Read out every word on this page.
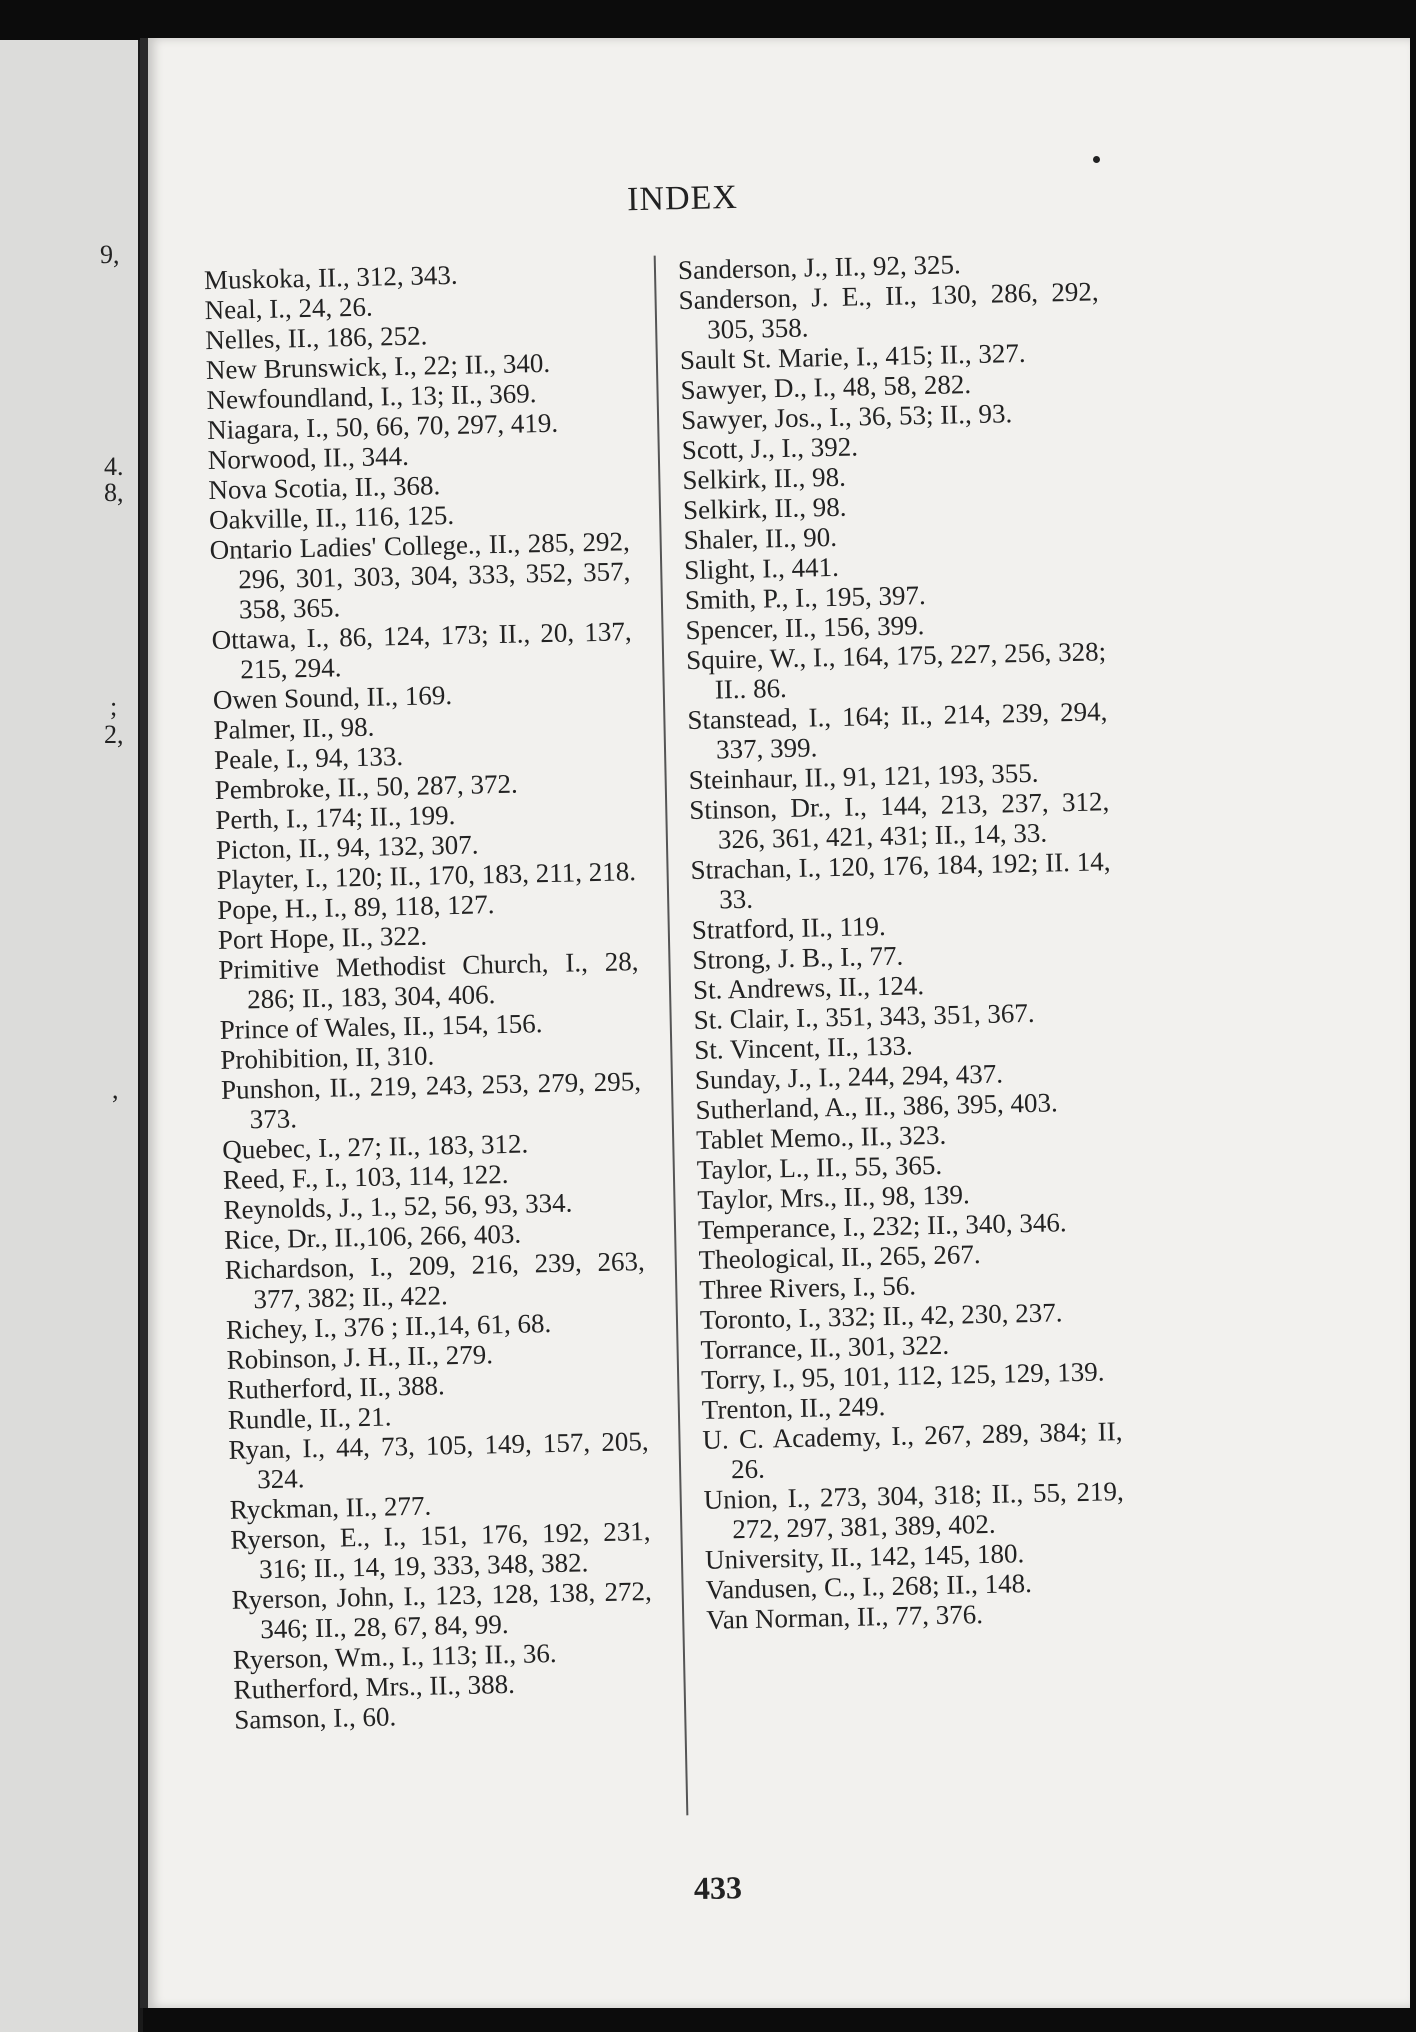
9,
4.
8,
;
2,
,
INDEX

Muskoka, II., 312, 343.

Neal, I., 24, 26.

Nelles, II., 186, 252.

New Brunswick, I., 22; II., 340.

Newfoundland, I., 13; II., 369.

Niagara, I., 50, 66, 70, 297, 419.

Norwood, II., 344.

Nova Scotia, II., 368.

Oakville, II., 116, 125.

Ontario Ladies' College., II., 285, 292, 296, 301, 303, 304, 333, 352, 357, 358, 365.

Ottawa, I., 86, 124, 173; II., 20, 137, 215, 294.

Owen Sound, II., 169.

Palmer, II., 98.

Peale, I., 94, 133.

Pembroke, II., 50, 287, 372.

Perth, I., 174; II., 199.

Picton, II., 94, 132, 307.

Playter, I., 120; II., 170, 183, 211, 218.

Pope, H., I., 89, 118, 127.

Port Hope, II., 322.

Primitive Methodist Church, I., 28, 286; II., 183, 304, 406.

Prince of Wales, II., 154, 156.

Prohibition, II, 310.

Punshon, II., 219, 243, 253, 279, 295, 373.

Quebec, I., 27; II., 183, 312.

Reed, F., I., 103, 114, 122.

Reynolds, J., 1., 52, 56, 93, 334.

Rice, Dr., II.,106, 266, 403.

Richardson, I., 209, 216, 239, 263, 377, 382; II., 422.

Richey, I., 376 ; II.,14, 61, 68.

Robinson, J. H., II., 279.

Rutherford, II., 388.

Rundle, II., 21.

Ryan, I., 44, 73, 105, 149, 157, 205, 324.

Ryckman, II., 277.

Ryerson, E., I., 151, 176, 192, 231, 316; II., 14, 19, 333, 348, 382.

Ryerson, John, I., 123, 128, 138, 272, 346; II., 28, 67, 84, 99.

Ryerson, Wm., I., 113; II., 36.

Rutherford, Mrs., II., 388.

Samson, I., 60.

Sanderson, J., II., 92, 325.

Sanderson, J. E., II., 130, 286, 292, 305, 358.

Sault St. Marie, I., 415; II., 327.

Sawyer, D., I., 48, 58, 282.

Sawyer, Jos., I., 36, 53; II., 93.

Scott, J., I., 392.

Selkirk, II., 98.

Selkirk, II., 98.

Shaler, II., 90.

Slight, I., 441.

Smith, P., I., 195, 397.

Spencer, II., 156, 399.

Squire, W., I., 164, 175, 227, 256, 328; II.. 86.

Stanstead, I., 164; II., 214, 239, 294, 337, 399.

Steinhaur, II., 91, 121, 193, 355.

Stinson, Dr., I., 144, 213, 237, 312, 326, 361, 421, 431; II., 14, 33.

Strachan, I., 120, 176, 184, 192; II. 14, 33.

Stratford, II., 119.

Strong, J. B., I., 77.

St. Andrews, II., 124.

St. Clair, I., 351, 343, 351, 367.

St. Vincent, II., 133.

Sunday, J., I., 244, 294, 437.

Sutherland, A., II., 386, 395, 403.

Tablet Memo., II., 323.

Taylor, L., II., 55, 365.

Taylor, Mrs., II., 98, 139.

Temperance, I., 232; II., 340, 346.

Theological, II., 265, 267.

Three Rivers, I., 56.

Toronto, I., 332; II., 42, 230, 237.

Torrance, II., 301, 322.

Torry, I., 95, 101, 112, 125, 129, 139.

Trenton, II., 249.

U. C. Academy, I., 267, 289, 384; II, 26.

Union, I., 273, 304, 318; II., 55, 219, 272, 297, 381, 389, 402.

University, II., 142, 145, 180.

Vandusen, C., I., 268; II., 148.

Van Norman, II., 77, 376.

433
